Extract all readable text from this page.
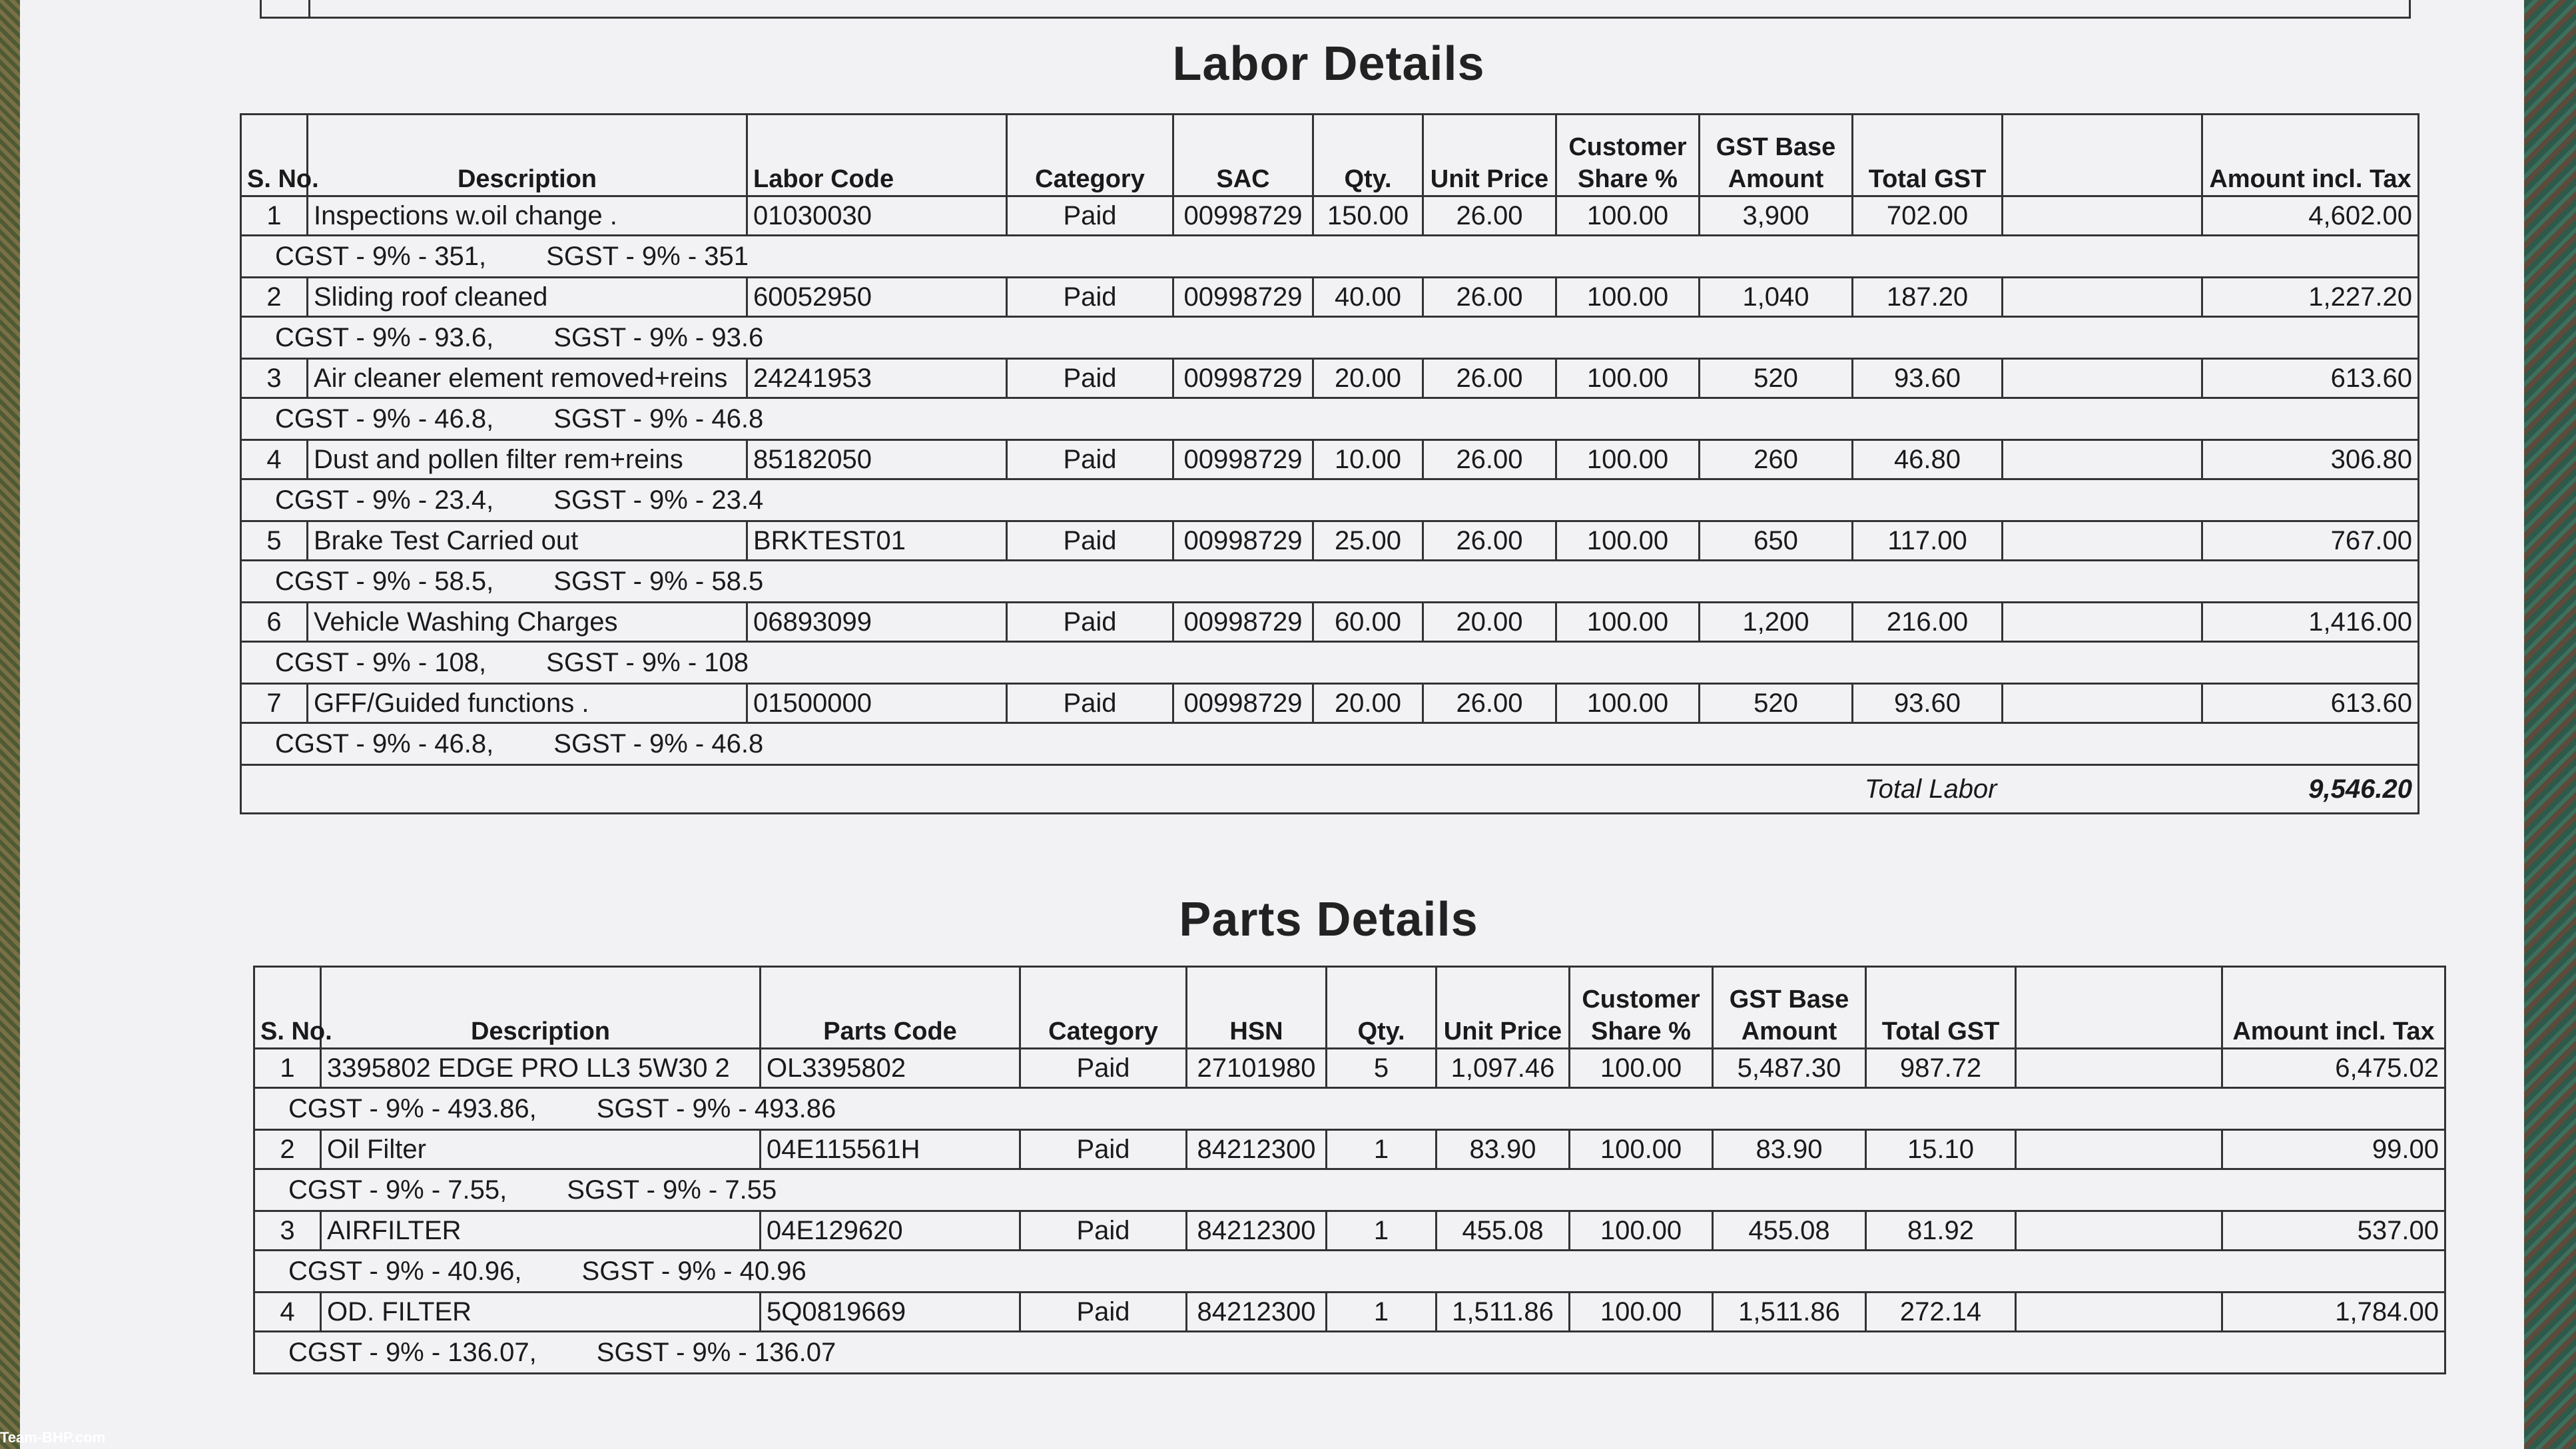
Labor Details
S. No.	Description	Labor Code	Category	SAC	Qty.	Unit Price	Customer Share %	GST Base Amount	Total GST		Amount incl. Tax
1	Inspections w.oil change .	01030030	Paid	00998729	150.00	26.00	100.00	3,900	702.00		4,602.00
CGST - 9% - 351, SGST - 9% - 351											
2	Sliding roof cleaned	60052950	Paid	00998729	40.00	26.00	100.00	1,040	187.20		1,227.20
CGST - 9% - 93.6, SGST - 9% - 93.6											
3	Air cleaner element removed+reins	24241953	Paid	00998729	20.00	26.00	100.00	520	93.60		613.60
CGST - 9% - 46.8, SGST - 9% - 46.8											
4	Dust and pollen filter rem+reins	85182050	Paid	00998729	10.00	26.00	100.00	260	46.80		306.80
CGST - 9% - 23.4, SGST - 9% - 23.4											
5	Brake Test Carried out	BRKTEST01	Paid	00998729	25.00	26.00	100.00	650	117.00		767.00
CGST - 9% - 58.5, SGST - 9% - 58.5											
6	Vehicle Washing Charges	06893099	Paid	00998729	60.00	20.00	100.00	1,200	216.00		1,416.00
CGST - 9% - 108, SGST - 9% - 108											
7	GFF/Guided functions .	01500000	Paid	00998729	20.00	26.00	100.00	520	93.60		613.60
CGST - 9% - 46.8, SGST - 9% - 46.8											
Total Labor											9,546.20
Parts Details
S. No.	Description	Parts Code	Category	HSN	Qty.	Unit Price	Customer Share %	GST Base Amount	Total GST		Amount incl. Tax
1	3395802 EDGE PRO LL3 5W30 2	OL3395802	Paid	27101980	5	1,097.46	100.00	5,487.30	987.72		6,475.02
CGST - 9% - 493.86, SGST - 9% - 493.86											
2	Oil Filter	04E115561H	Paid	84212300	1	83.90	100.00	83.90	15.10		99.00
CGST - 9% - 7.55, SGST - 9% - 7.55											
3	AIRFILTER	04E129620	Paid	84212300	1	455.08	100.00	455.08	81.92		537.00
CGST - 9% - 40.96, SGST - 9% - 40.96											
4	OD. FILTER	5Q0819669	Paid	84212300	1	1,511.86	100.00	1,511.86	272.14		1,784.00
CGST - 9% - 136.07, SGST - 9% - 136.07											
Team-BHP.com
